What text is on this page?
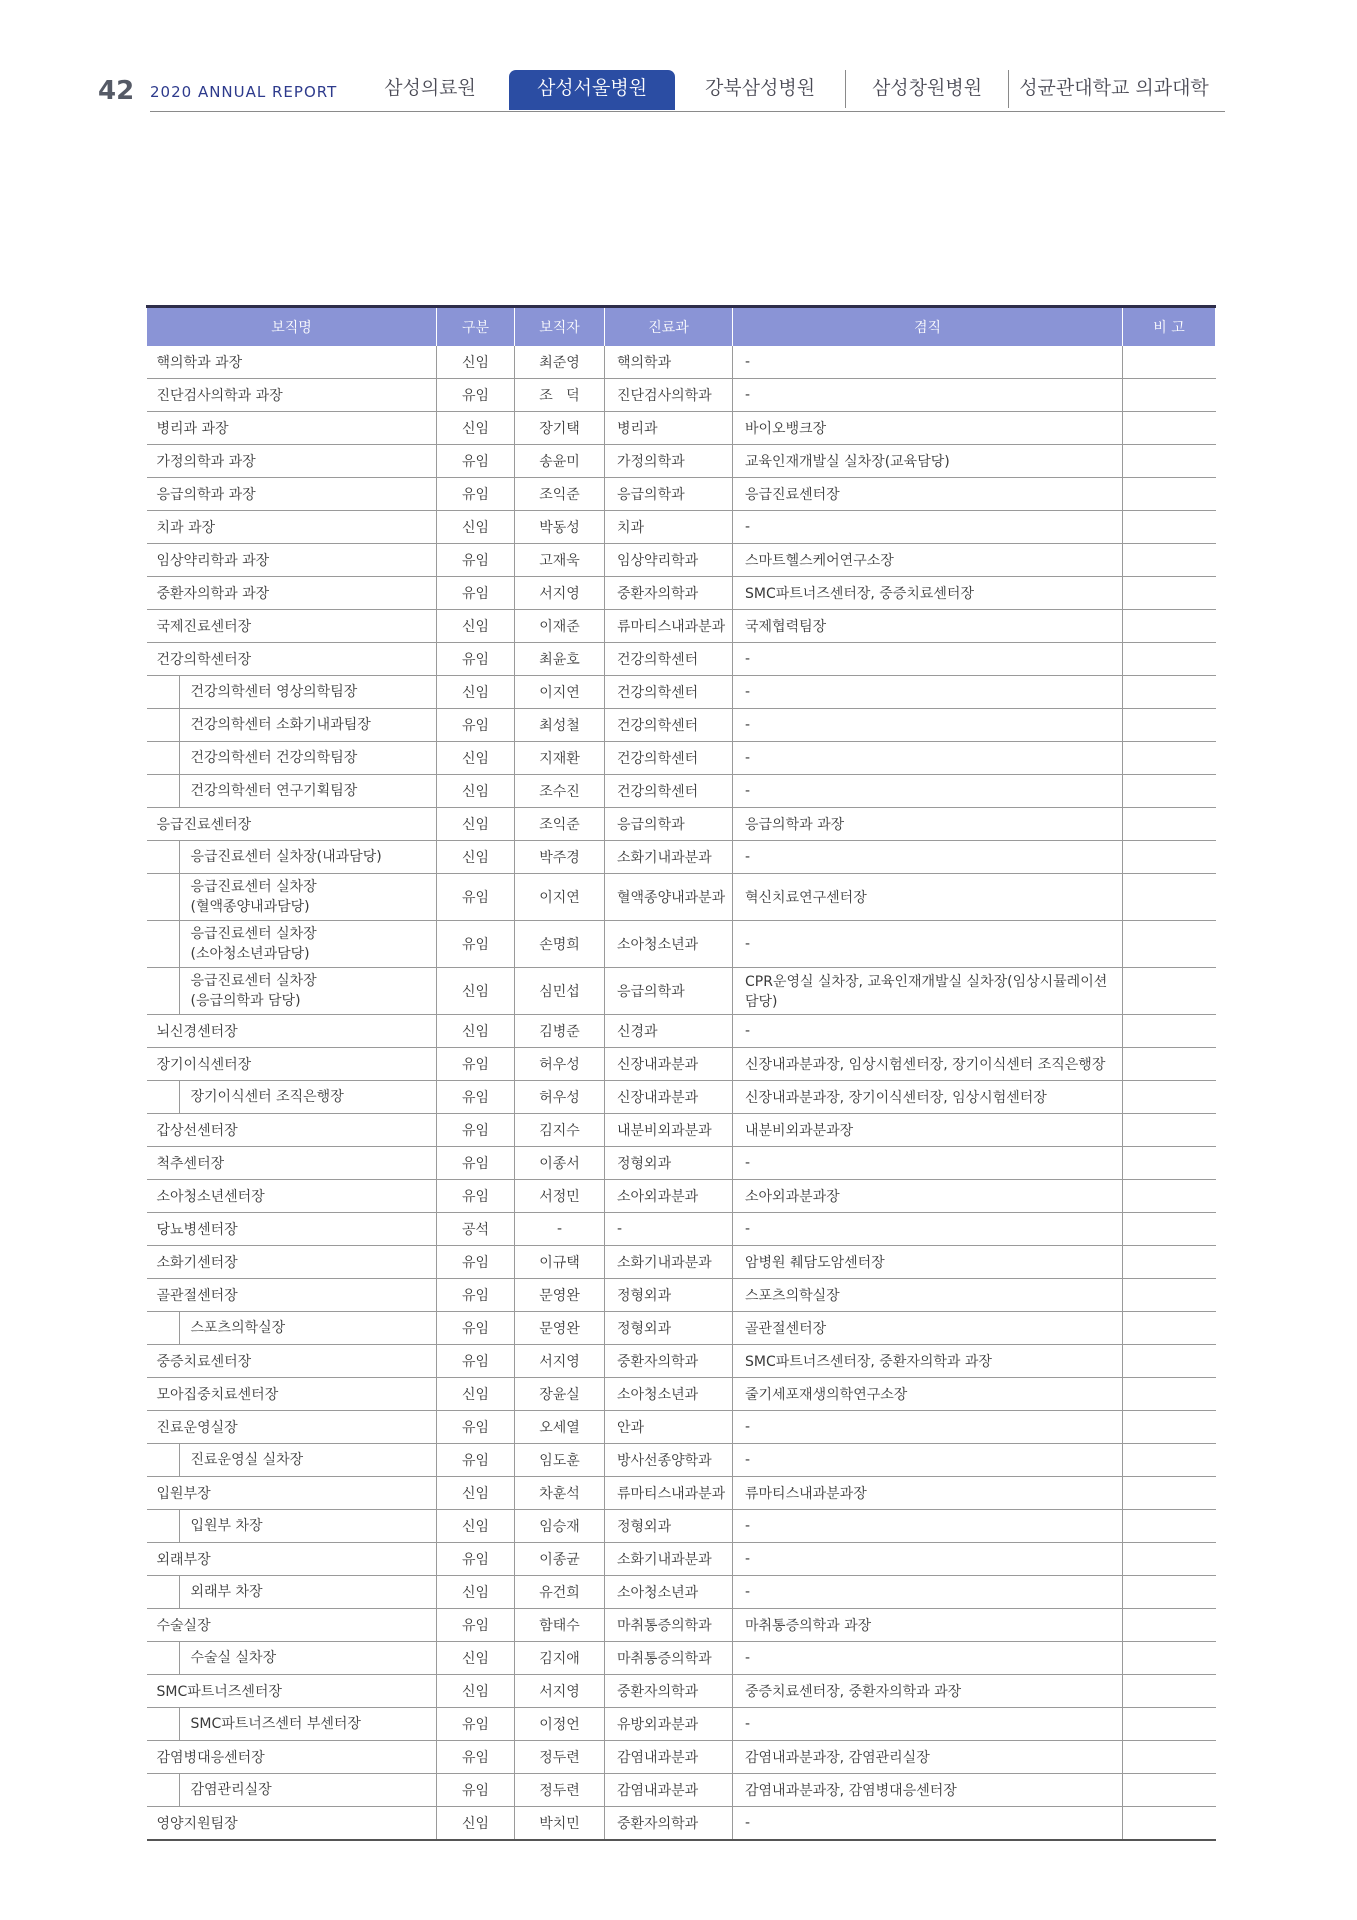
42 2020 ANNUAL REPORT	삼성의료원	삼성서울병원	강북삼성병원	삼성창원병원	성균관대학교 의과대학
보직명	구분	보직자	진료과	겸직	비 고
핵의학과 과장	신임	최준영	핵의학과	-	
진단검사의학과 과장	유임	조   덕	진단검사의학과	-	
병리과 과장	신임	장기택	병리과	바이오뱅크장	
가정의학과 과장	유임	송윤미	가정의학과	교육인재개발실 실차장(교육담당)	
응급의학과 과장	유임	조익준	응급의학과	응급진료센터장	
치과 과장	신임	박동성	치과	-	
임상약리학과 과장	유임	고재욱	임상약리학과	스마트헬스케어연구소장	
중환자의학과 과장	유임	서지영	중환자의학과	SMC파트너즈센터장, 중증치료센터장	
국제진료센터장	신임	이재준	류마티스내과분과	국제협력팀장	
건강의학센터장	유임	최윤호	건강의학센터	-	

건강의학센터 영상의학팀장	신임	이지연	건강의학센터	-	

건강의학센터 소화기내과팀장	유임	최성철	건강의학센터	-	

건강의학센터 건강의학팀장	신임	지재환	건강의학센터	-	

건강의학센터 연구기획팀장	신임	조수진	건강의학센터	-	
응급진료센터장	신임	조익준	응급의학과	응급의학과 과장	

응급진료센터 실차장(내과담당)	신임	박주경	소화기내과분과	-	

응급진료센터 실차장
(혈액종양내과담당)	유임	이지연	혈액종양내과분과	혁신치료연구센터장	

응급진료센터 실차장
(소아청소년과담당)	유임	손명희	소아청소년과	-	

응급진료센터 실차장
(응급의학과 담당)	신임	심민섭	응급의학과	CPR운영실 실차장, 교육인재개발실 실차장(임상시뮬레이션 담당)	
뇌신경센터장	신임	김병준	신경과	-	
장기이식센터장	유임	허우성	신장내과분과	신장내과분과장, 임상시험센터장, 장기이식센터 조직은행장	

장기이식센터 조직은행장	유임	허우성	신장내과분과	신장내과분과장, 장기이식센터장, 임상시험센터장	
갑상선센터장	유임	김지수	내분비외과분과	내분비외과분과장	
척추센터장	유임	이종서	정형외과	-	
소아청소년센터장	유임	서정민	소아외과분과	소아외과분과장	
당뇨병센터장	공석	-	-	-	
소화기센터장	유임	이규택	소화기내과분과	암병원 췌담도암센터장	
골관절센터장	유임	문영완	정형외과	스포츠의학실장	

스포츠의학실장	유임	문영완	정형외과	골관절센터장	
중증치료센터장	유임	서지영	중환자의학과	SMC파트너즈센터장, 중환자의학과 과장	
모아집중치료센터장	신임	장윤실	소아청소년과	줄기세포재생의학연구소장	
진료운영실장	유임	오세열	안과	-	

진료운영실 실차장	유임	임도훈	방사선종양학과	-	
입원부장	신임	차훈석	류마티스내과분과	류마티스내과분과장	

입원부 차장	신임	임승재	정형외과	-	
외래부장	유임	이종균	소화기내과분과	-	

외래부 차장	신임	유건희	소아청소년과	-	
수술실장	유임	함태수	마취통증의학과	마취통증의학과 과장	

수술실 실차장	신임	김지애	마취통증의학과	-	
SMC파트너즈센터장	신임	서지영	중환자의학과	중증치료센터장, 중환자의학과 과장	

SMC파트너즈센터 부센터장	유임	이정언	유방외과분과	-	
감염병대응센터장	유임	정두련	감염내과분과	감염내과분과장, 감염관리실장	

감염관리실장	유임	정두련	감염내과분과	감염내과분과장, 감염병대응센터장	
영양지원팀장	신임	박치민	중환자의학과	-	
